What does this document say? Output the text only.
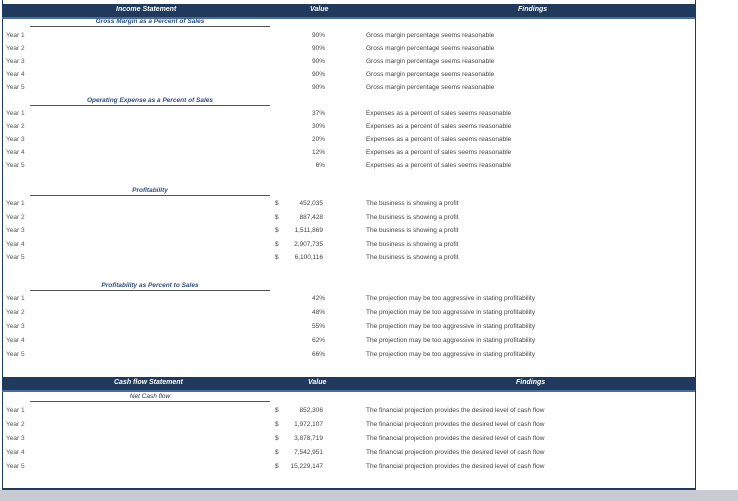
Income Statement	Value	Findings
Gross Margin as a Percent of Sales
Year 1	90%	Gross margin percentage seems reasonable
Year 2	90%	Gross margin percentage seems reasonable
Year 3	90%	Gross margin percentage seems reasonable
Year 4	90%	Gross margin percentage seems reasonable
Year 5	90%	Gross margin percentage seems reasonable
Operating Expense as a Percent of Sales
Year 1	37%	Expenses as a percent of sales seems reasonable
Year 2	30%	Expenses as a percent of sales seems reasonable
Year 3	20%	Expenses as a percent of sales seems reasonable
Year 4	12%	Expenses as a percent of sales seems reasonable
Year 5	6%	Expenses as a percent of sales seems reasonable
Profitability
Year 1	$	452,035	The business is showing a profit
Year 2	$	887,428	The business is showing a profit
Year 3	$ 1,511,869	The business is showing a profit
Year 4	$ 2,907,735	The business is showing a profit
Year 5	$ 6,100,116	The business is showing a profit
Profitability as Percent to Sales
Year 1	42%	The projection may be too aggressive in stating profitability
Year 2	48%	The projection may be too aggressive in stating profitability
Year 3	55%	The projection may be too aggressive in stating profitability
Year 4	62%	The projection may be too aggressive in stating profitability
Year 5	66%	The projection may be too aggressive in stating profitability
Cash flow Statement	Value	Findings
Net Cash flow
Year 1	$	852,306	The financial projection provides the desired level of cash flow
Year 2	$ 1,972,107	The financial projection provides the desired level of cash flow
Year 3	$ 3,878,719	The financial projection provides the desired level of cash flow
Year 4	$ 7,542,951	The financial projection provides the desired level of cash flow
Year 5	$ 15,229,147	The financial projection provides the desired level of cash flow
